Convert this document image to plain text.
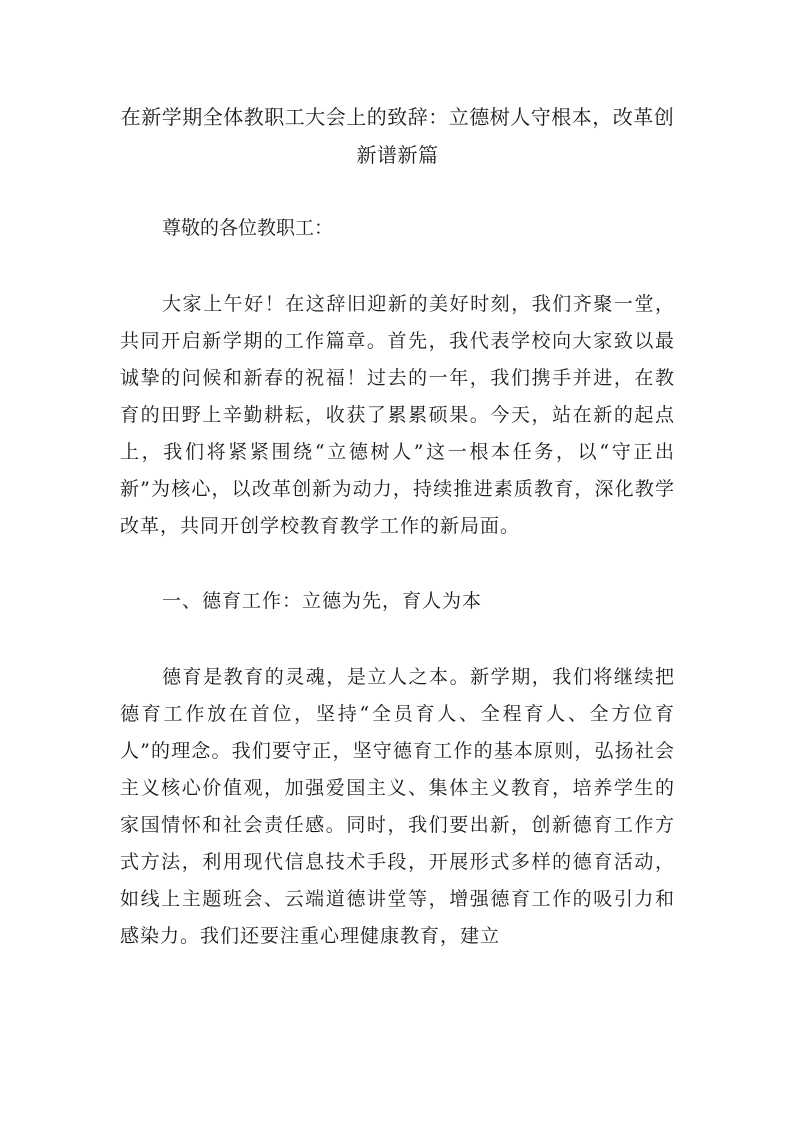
在新学期全体教职工大会上的致辞：立德树人守根本，改革创新谱新篇

尊敬的各位教职工：

大家上午好！在这辞旧迎新的美好时刻，我们齐聚一堂，共同开启新学期的工作篇章。首先，我代表学校向大家致以最诚挚的问候和新春的祝福！过去的一年，我们携手并进，在教育的田野上辛勤耕耘，收获了累累硕果。今天，站在新的起点上，我们将紧紧围绕“立德树人”这一根本任务，以“守正出新”为核心，以改革创新为动力，持续推进素质教育，深化教学改革，共同开创学校教育教学工作的新局面。

一、德育工作：立德为先，育人为本

德育是教育的灵魂，是立人之本。新学期，我们将继续把德育工作放在首位，坚持“全员育人、全程育人、全方位育人”的理念。我们要守正，坚守德育工作的基本原则，弘扬社会主义核心价值观，加强爱国主义、集体主义教育，培养学生的家国情怀和社会责任感。同时，我们要出新，创新德育工作方式方法，利用现代信息技术手段，开展形式多样的德育活动，如线上主题班会、云端道德讲堂等，增强德育工作的吸引力和感染力。我们还要注重心理健康教育，建立
